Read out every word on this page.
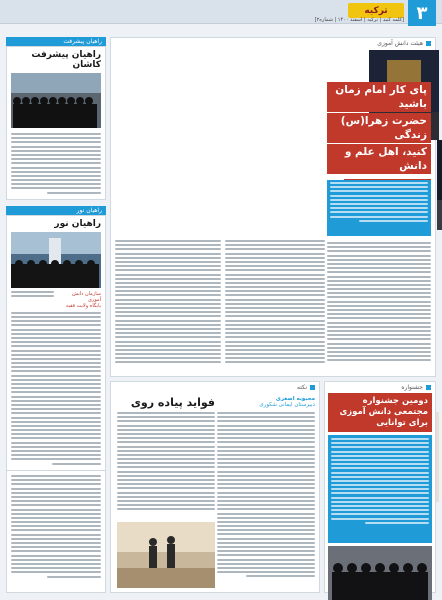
۳
ترکیه
[کلمه کنید | ترکیه | اسفند ۱۴۰۰ | شماره۲]
راهیان پیشرفت
راهیان پیشرفت کاشان
راهیان نور
راهیان نور
سازمان دانش آموزی
پایگاه ولایت فقیه
هیئت دانش آموزی
پای کار امام زمان باشید حضرت زهرا(س) زندگی کنید، اهل علم و دانش
جشنواره
دومین جشنواره مجتمعی دانش آموزی برای توانایی
نکته
محبوبه اصغری
دبیرستان ایمانی شکوری
فواید پیاده روی
